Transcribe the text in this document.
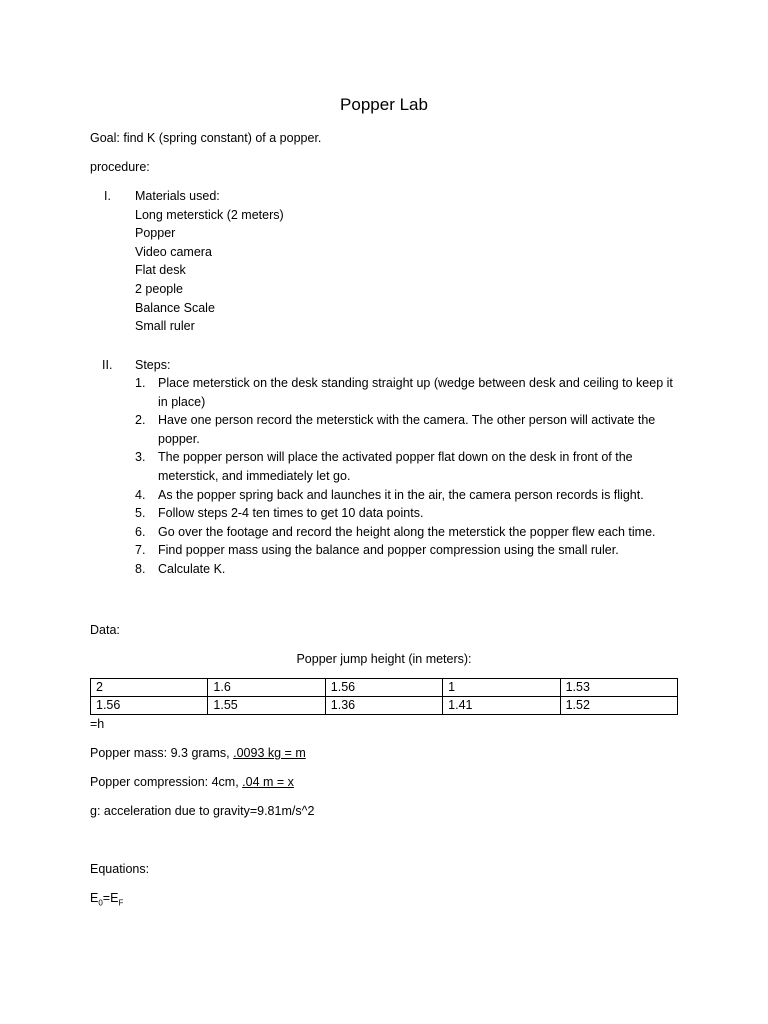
Popper Lab
Goal: find K (spring constant) of a popper.
procedure:
I. Materials used:
Long meterstick (2 meters)
Popper
Video camera
Flat desk
2 people
Balance Scale
Small ruler
II. Steps:
1. Place meterstick on the desk standing straight up (wedge between desk and ceiling to keep it in place)
2. Have one person record the meterstick with the camera. The other person will activate the popper.
3. The popper person will place the activated popper flat down on the desk in front of the meterstick, and immediately let go.
4. As the popper spring back and launches it in the air, the camera person records is flight.
5. Follow steps 2-4 ten times to get 10 data points.
6. Go over the footage and record the height along the meterstick the popper flew each time.
7. Find popper mass using the balance and popper compression using the small ruler.
8. Calculate K.
Data:
Popper jump height (in meters):
2	1.6	1.56	1	1.53
1.56	1.55	1.36	1.41	1.52
=h
Popper mass: 9.3 grams, .0093 kg = m
Popper compression: 4cm, .04 m = x
g: acceleration due to gravity=9.81m/s^2
Equations:
$E_0=E_F$
